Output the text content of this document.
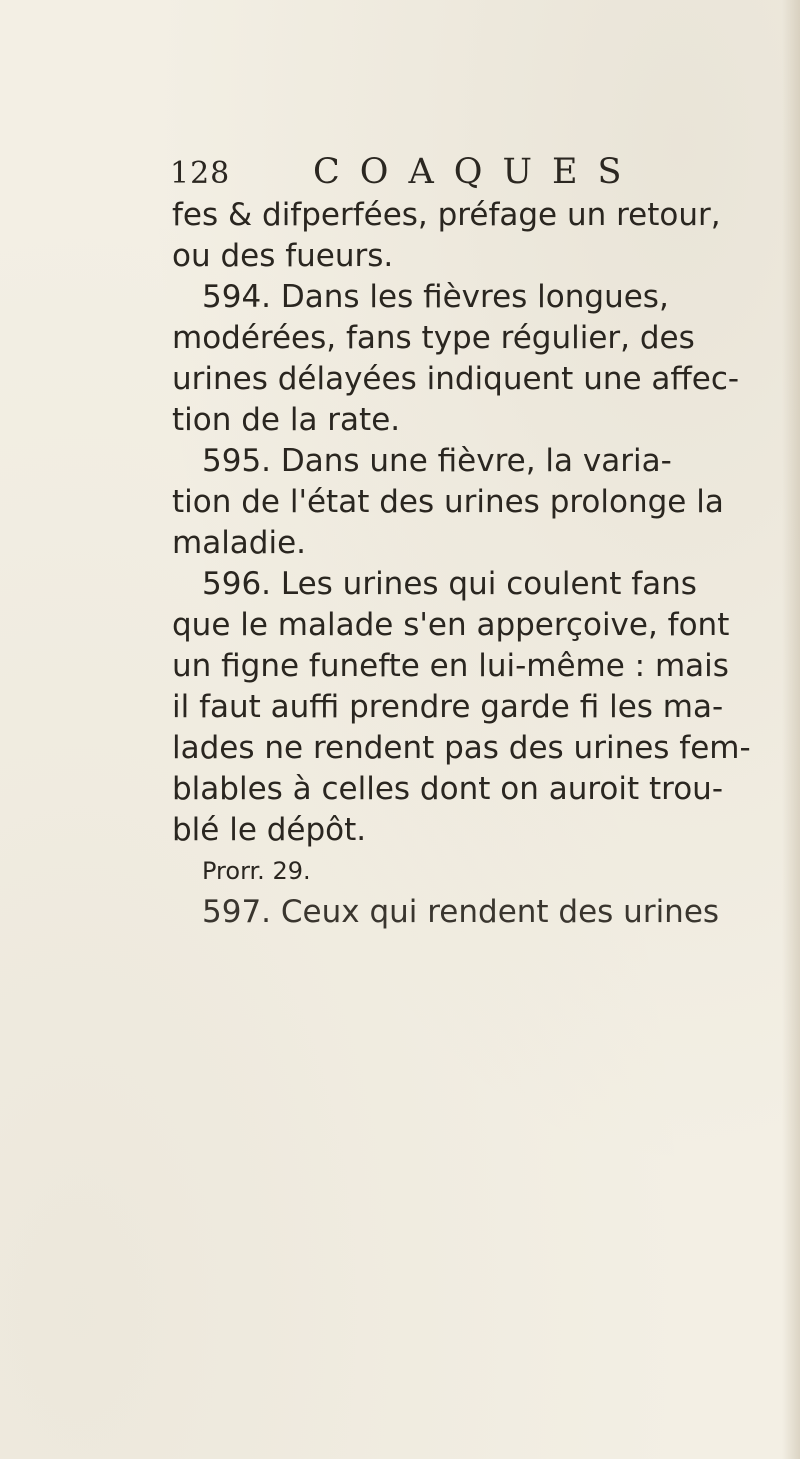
128 COAQUES
fes & difperfées, préfage un retour,
ou des fueurs.
594. Dans les fièvres longues,
modérées, fans type régulier, des
urines délayées indiquent une affec-
tion de la rate.
595. Dans une fièvre, la varia-
tion de l'état des urines prolonge la
maladie.
596. Les urines qui coulent fans
que le malade s'en apperçoive, font
un figne funefte en lui-même : mais
il faut auffi prendre garde fi les ma-
lades ne rendent pas des urines fem-
blables à celles dont on auroit trou-
blé le dépôt.
Prorr. 29.
597. Ceux qui rendent des urines
